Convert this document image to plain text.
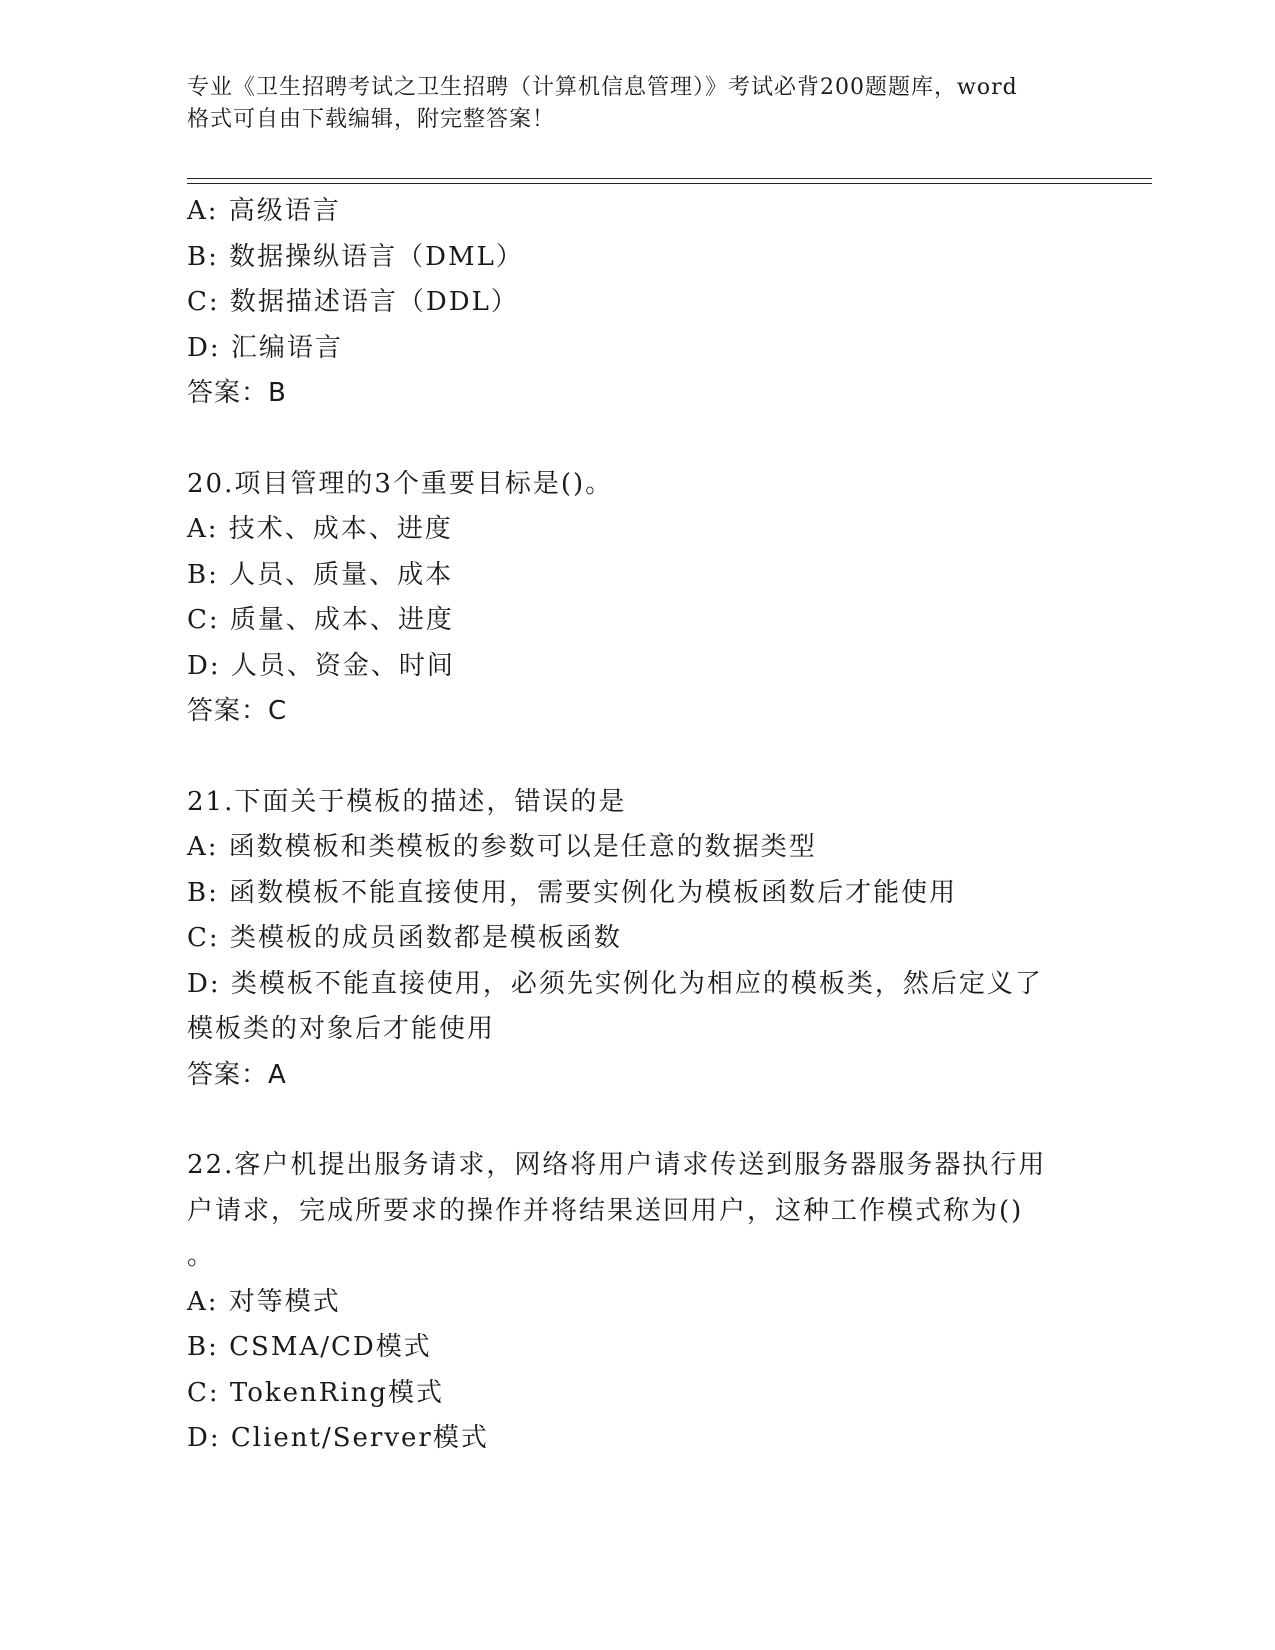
专业《卫生招聘考试之卫生招聘（计算机信息管理）》考试必背200题题库，word
格式可自由下载编辑，附完整答案！
A: 高级语言
B: 数据操纵语言（DML）
C: 数据描述语言（DDL）
D: 汇编语言
答案：B
20.项目管理的3个重要目标是()。
A: 技术、成本、进度
B: 人员、质量、成本
C: 质量、成本、进度
D: 人员、资金、时间
答案：C
21.下面关于模板的描述，错误的是
A: 函数模板和类模板的参数可以是任意的数据类型
B: 函数模板不能直接使用，需要实例化为模板函数后才能使用
C: 类模板的成员函数都是模板函数
D: 类模板不能直接使用，必须先实例化为相应的模板类，然后定义了
模板类的对象后才能使用
答案：A
22.客户机提出服务请求，网络将用户请求传送到服务器服务器执行用
户请求，完成所要求的操作并将结果送回用户，这种工作模式称为()
。
A: 对等模式
B: CSMA/CD模式
C: TokenRing模式
D: Client/Server模式
